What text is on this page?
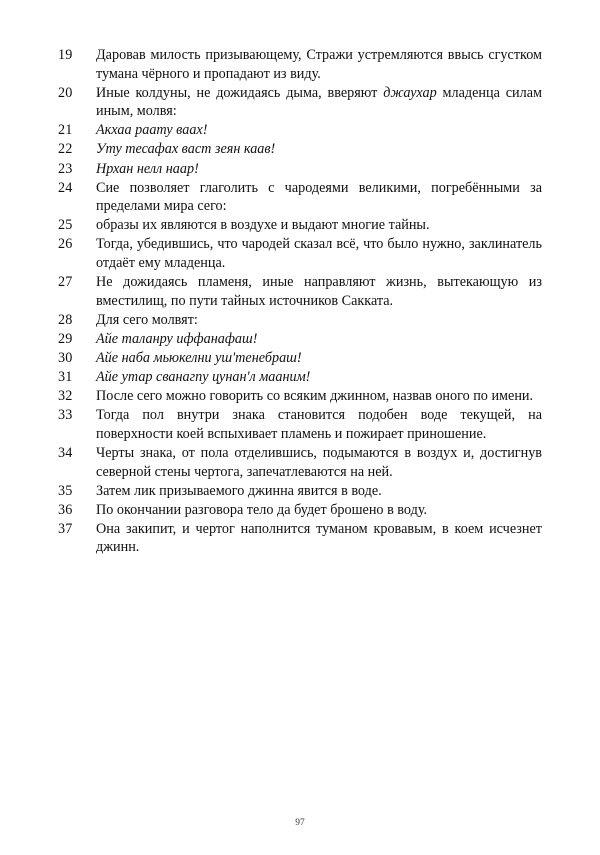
19	Даровав милость призывающему, Стражи устремляются ввысь сгустком тумана чёрного и пропадают из виду.
20	Иные колдуны, не дожидаясь дыма, вверяют джаухар младенца силам иным, молвя:
21	Акхаа раату ваах!
22	Уту тесафах васт зеян каав!
23	Нрхан нелл наар!
24	Сие позволяет глаголить с чародеями великими, погребёнными за пределами мира сего:
25	образы их являются в воздухе и выдают многие тайны.
26	Тогда, убедившись, что чародей сказал всё, что было нужно, заклинатель отдаёт ему младенца.
27	Не дожидаясь пламеня, иные направляют жизнь, вытекающую из вместилищ, по пути тайных источников Сакката.
28	Для сего молвят:
29	Айе таланру иффанафаш!
30	Айе наба мьюкелни уш'тенебраш!
31	Айе утар сванагпу цунан'л мааним!
32	После сего можно говорить со всяким джинном, назвав оного по имени.
33	Тогда пол внутри знака становится подобен воде текущей, на поверхности коей вспыхивает пламень и пожирает приношение.
34	Черты знака, от пола отделившись, подымаются в воздух и, достигнув северной стены чертога, запечатлеваются на ней.
35	Затем лик призываемого джинна явится в воде.
36	По окончании разговора тело да будет брошено в воду.
37	Она закипит, и чертог наполнится туманом кровавым, в коем исчезнет джинн.
97
